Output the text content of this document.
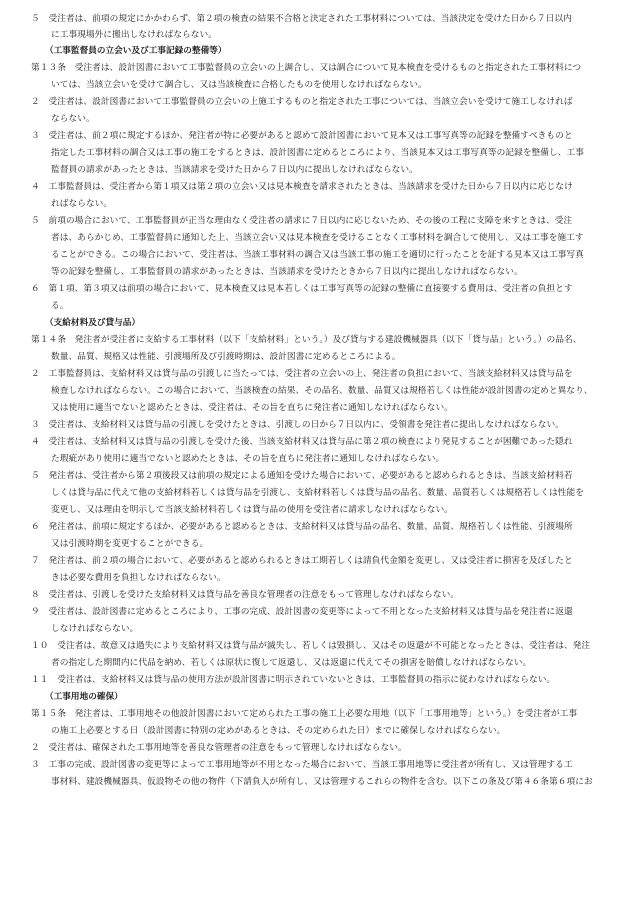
５　受注者は、前項の規定にかかわらず、第２項の検査の結果不合格と決定された工事材料については、当該決定を受けた日から７日以内
に工事現場外に搬出しなければならない。
（工事監督員の立会い及び工事記録の整備等）
第１３条　受注者は、設計図書において工事監督員の立会いの上調合し、又は調合について見本検査を受けるものと指定された工事材料につ
いては、当該立会いを受けて調合し、又は当該検査に合格したものを使用しなければならない。
２　受注者は、設計図書において工事監督員の立会いの上施工するものと指定された工事については、当該立会いを受けて施工しなければ
ならない。
３　受注者は、前２項に規定するほか、発注者が特に必要があると認めて設計図書において見本又は工事写真等の記録を整備すべきものと
指定した工事材料の調合又は工事の施工をするときは、設計図書に定めるところにより、当該見本又は工事写真等の記録を整備し、工事
監督員の請求があったときは、当該請求を受けた日から７日以内に提出しなければならない。
４　工事監督員は、受注者から第１項又は第２項の立会い又は見本検査を請求されたときは、当該請求を受けた日から７日以内に応じなけ
ればならない。
５　前項の場合において、工事監督員が正当な理由なく受注者の請求に７日以内に応じないため、その後の工程に支障を来すときは、受注
者は、あらかじめ、工事監督員に通知した上、当該立会い又は見本検査を受けることなく工事材料を調合して使用し、又は工事を施工す
ることができる。この場合において、受注者は、当該工事材料の調合又は当該工事の施工を適切に行ったことを証する見本又は工事写真
等の記録を整備し、工事監督員の請求があったときは、当該請求を受けたときから７日以内に提出しなければならない。
６　第１項、第３項又は前項の場合において、見本検査又は見本若しくは工事写真等の記録の整備に直接要する費用は、受注者の負担とす
る。
（支給材料及び貸与品）
第１４条　発注者が受注者に支給する工事材料（以下「支給材料」という。）及び貸与する建設機械器具（以下「貸与品」という。）の品名、
数量、品質、規格又は性能、引渡場所及び引渡時期は、設計図書に定めるところによる。
２　工事監督員は、支給材料又は貸与品の引渡しに当たっては、受注者の立会いの上、発注者の負担において、当該支給材料又は貸与品を
検査しなければならない。この場合において、当該検査の結果、その品名、数量、品質又は規格若しくは性能が設計図書の定めと異なり、
又は使用に適当でないと認めたときは、受注者は、その旨を直ちに発注者に通知しなければならない。
３　受注者は、支給材料又は貸与品の引渡しを受けたときは、引渡しの日から７日以内に、受領書を発注者に提出しなければならない。
４　受注者は、支給材料又は貸与品の引渡しを受けた後、当該支給材料又は貸与品に第２項の検査により発見することが困難であった隠れ
た瑕疵があり使用に適当でないと認めたときは、その旨を直ちに発注者に通知しなければならない。
５　発注者は、受注者から第２項後段又は前項の規定による通知を受けた場合において、必要があると認められるときは、当該支給材料若
しくは貸与品に代えて他の支給材料若しくは貸与品を引渡し、支給材料若しくは貸与品の品名、数量、品質若しくは規格若しくは性能を
変更し、又は理由を明示して当該支給材料若しくは貸与品の使用を受注者に請求しなければならない。
６　発注者は、前項に規定するほか、必要があると認めるときは、支給材料又は貸与品の品名、数量、品質、規格若しくは性能、引渡場所
又は引渡時期を変更することができる。
７　発注者は、前２項の場合において、必要があると認められるときは工期若しくは請負代金額を変更し、又は受注者に損害を及ぼしたと
きは必要な費用を負担しなければならない。
８　受注者は、引渡しを受けた支給材料又は貸与品を善良な管理者の注意をもって管理しなければならない。
９　受注者は、設計図書に定めるところにより、工事の完成、設計図書の変更等によって不用となった支給材料又は貸与品を発注者に返還
しなければならない。
１０　受注者は、故意又は過失により支給材料又は貸与品が滅失し、若しくは毀損し、又はその返還が不可能となったときは、受注者は、発注
者の指定した期間内に代品を納め、若しくは原状に復して返還し、又は返還に代えてその損害を賠償しなければならない。
１１　受注者は、支給材料又は貸与品の使用方法が設計図書に明示されていないときは、工事監督員の指示に従わなければならない。
（工事用地の確保）
第１５条　発注者は、工事用地その他設計図書において定められた工事の施工上必要な用地（以下「工事用地等」という。）を受注者が工事
の施工上必要とする日（設計図書に特別の定めがあるときは、その定められた日）までに確保しなければならない。
２　受注者は、確保された工事用地等を善良な管理者の注意をもって管理しなければならない。
３　工事の完成、設計図書の変更等によって工事用地等が不用となった場合において、当該工事用地等に受注者が所有し、又は管理する工
事材料、建設機械器具、仮設物その他の物件（下請負人が所有し、又は管理するこれらの物件を含む。以下この条及び第４６条第６項にお
